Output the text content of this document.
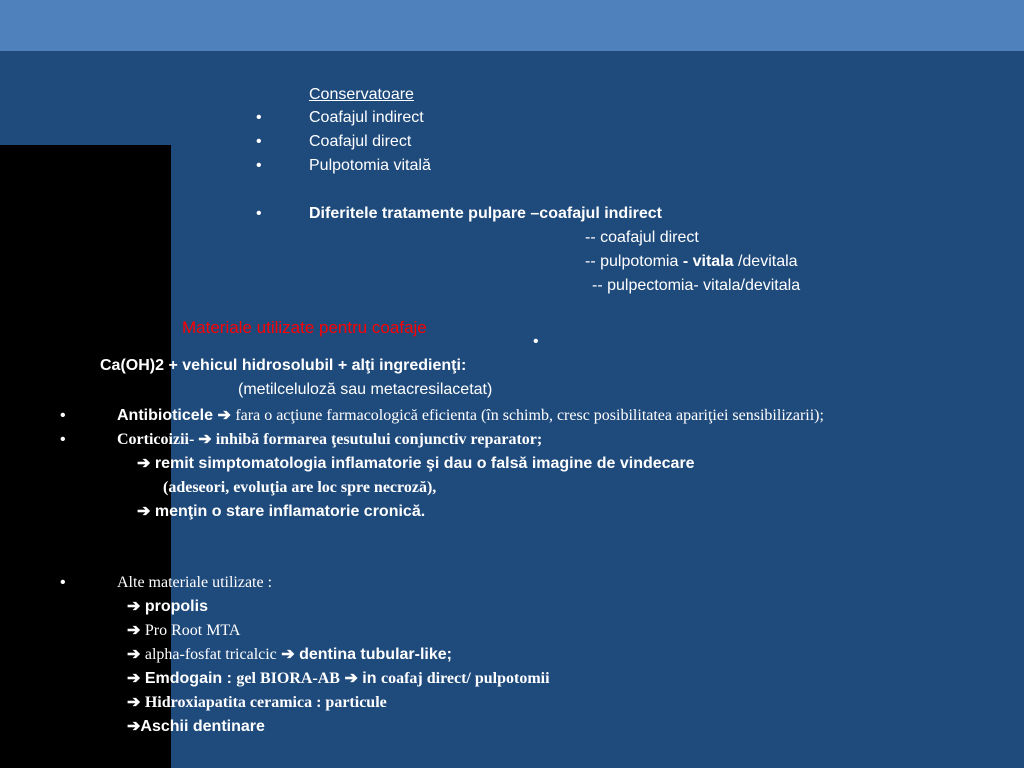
Conservatoare
•	Coafajul indirect
•	Coafajul direct
•	Pulpotomia vitală
•	Diferitele tratamente pulpare –coafajul indirect
-- coafajul direct
-- pulpotomia - vitala /devitala
-- pulpectomia- vitala/devitala
Materiale utilizate pentru coafaje
•
Ca(OH)2 + vehicul hidrosolubil + alţi ingredienţi:
(metilceluloză sau metacresilacetat)
•	Antibioticele ➔ fara o acţiune farmacologică eficienta (în schimb, cresc posibilitatea apariţiei sensibilizarii);
•	Corticoizii- ➔ inhibă formarea ţesutului conjunctiv reparator;
➔ remit simptomatologia inflamatorie şi dau o falsă imagine de vindecare
(adeseori, evoluţia are loc spre necroză),
➔ menţin o stare inflamatorie cronică.
•	Alte materiale utilizate :
➔ propolis
➔ Pro Root MTA
➔ alpha-fosfat tricalcic ➔ dentina tubular-like;
➔ Emdogain : gel BIORA-AB ➔ in coafaj direct/ pulpotomii
➔ Hidroxiapatita ceramica : particule
➔Aschii dentinare
